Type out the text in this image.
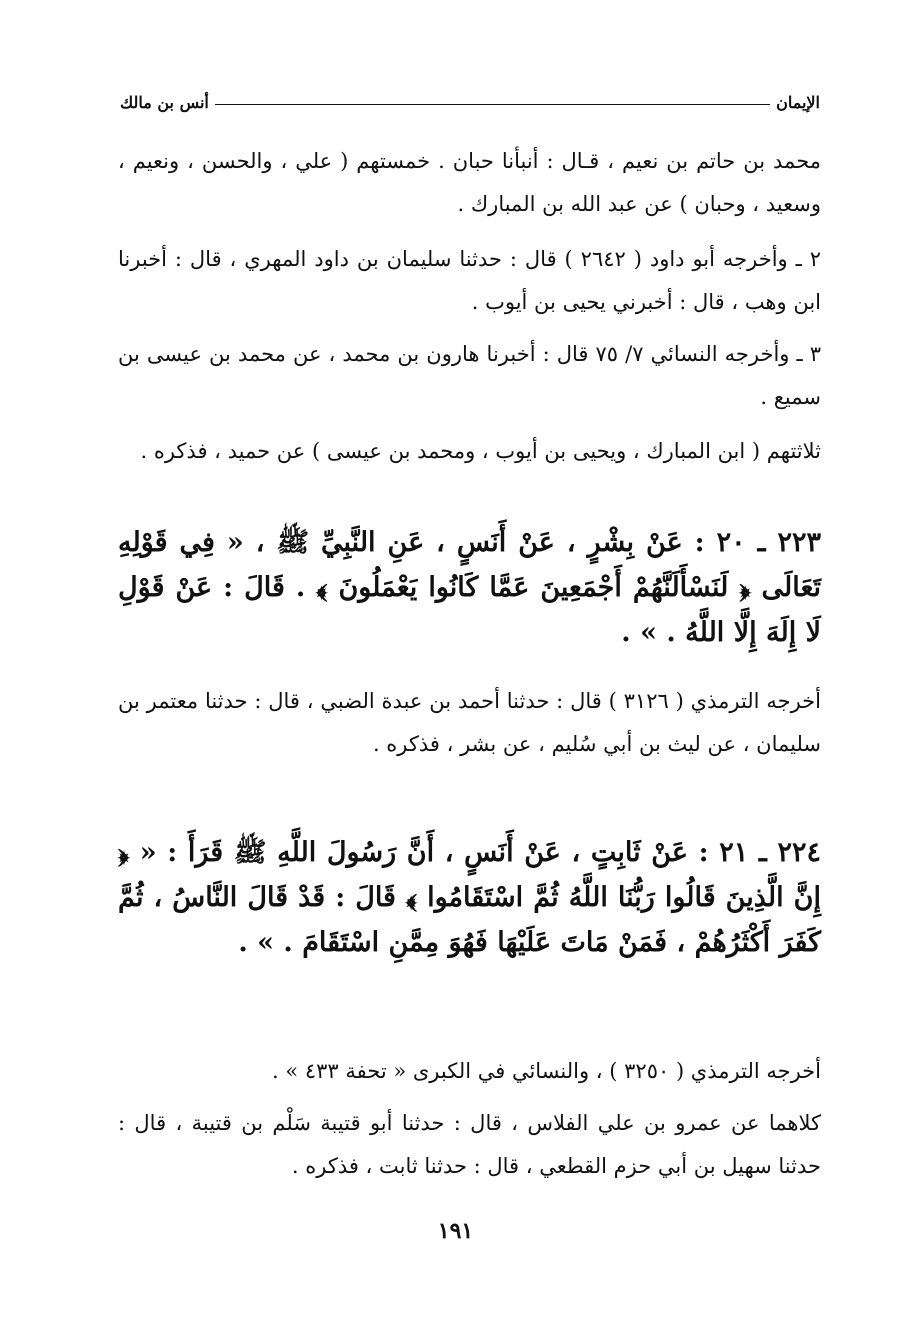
الإيمان
أنس بن مالك

محمد بن حاتم بن نعيم ، قـال : أنبأنا حبان . خمستهم ( علي ، والحسن ، ونعيم ، وسعيد ، وحبان ) عن عبد الله بن المبارك .

٢ ـ وأخرجه أبو داود ( ٢٦٤٢ ) قال : حدثنا سليمان بن داود المهري ، قال : أخبرنا ابن وهب ، قال : أخبرني يحيى بن أيوب .

٣ ـ وأخرجه النسائي ٧/ ٧٥ قال : أخبرنا هارون بن محمد ، عن محمد بن عيسى بن سميع .

ثلاثتهم ( ابن المبارك ، ويحيى بن أيوب ، ومحمد بن عيسى ) عن حميد ، فذكره .

٢٢٣ ـ ٢٠ : عَنْ بِشْرٍ ، عَنْ أَنَسٍ ، عَنِ النَّبِيِّ ﷺ ، « فِي قَوْلِهِ تَعَالَى ﴿ لَنَسْأَلَنَّهُمْ أَجْمَعِينَ عَمَّا كَانُوا يَعْمَلُونَ ﴾ . قَالَ : عَنْ قَوْلِ لَا إِلَهَ إِلَّا اللَّهُ . » .

أخرجه الترمذي ( ٣١٢٦ ) قال : حدثنا أحمد بن عبدة الضبي ، قال : حدثنا معتمر بن سليمان ، عن ليث بن أبي سُليم ، عن بشر ، فذكره .

٢٢٤ ـ ٢١ : عَنْ ثَابِتٍ ، عَنْ أَنَسٍ ، أَنَّ رَسُولَ اللَّهِ ﷺ قَرَأَ : « ﴿ إِنَّ الَّذِينَ قَالُوا رَبُّنَا اللَّهُ ثُمَّ اسْتَقَامُوا ﴾ قَالَ : قَدْ قَالَ النَّاسُ ، ثُمَّ كَفَرَ أَكْثَرُهُمْ ، فَمَنْ مَاتَ عَلَيْهَا فَهُوَ مِمَّنِ اسْتَقَامَ . » .

أخرجه الترمذي ( ٣٢٥٠ ) ، والنسائي في الكبرى « تحفة ٤٣٣ » .

كلاهما عن عمرو بن علي الفلاس ، قال : حدثنا أبو قتيبة سَلْم بن قتيبة ، قال : حدثنا سهيل بن أبي حزم القطعي ، قال : حدثنا ثابت ، فذكره .

١٩١
